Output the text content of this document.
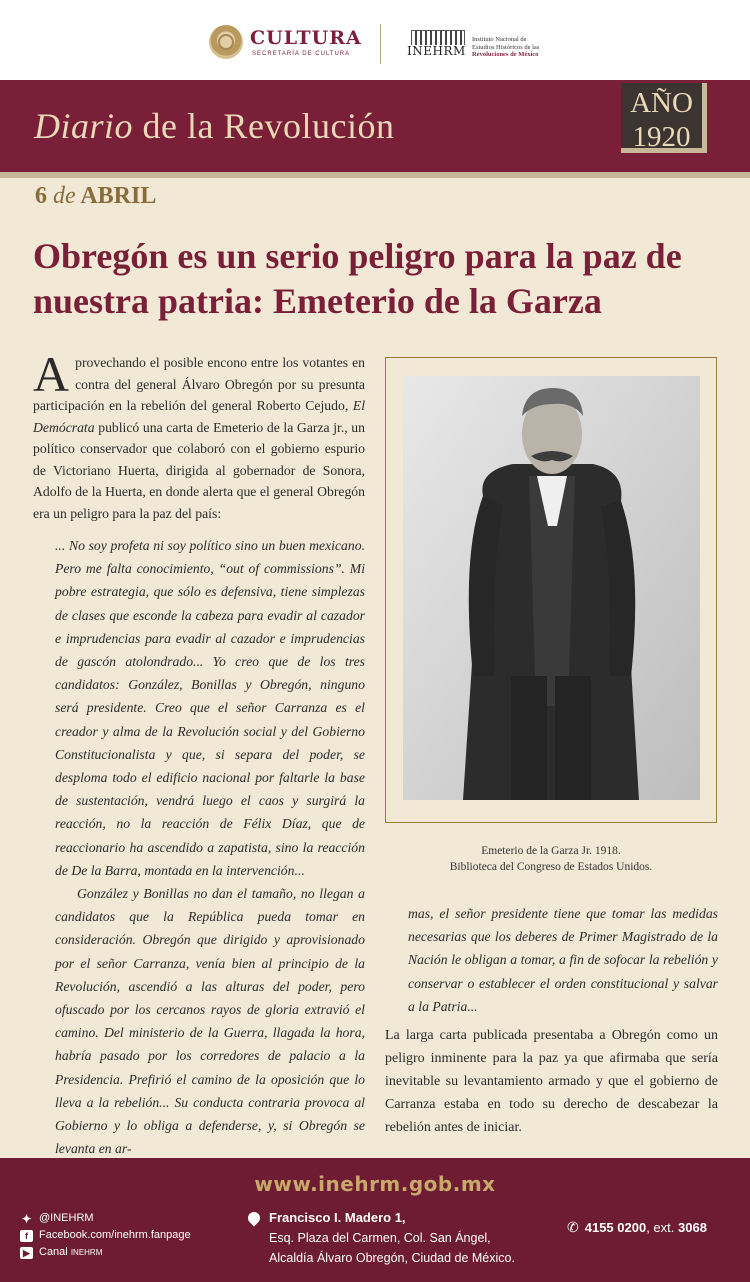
CULTURA
SECRETARÍA DE CULTURA	INEHRM
Instituto Nacional de
Estudios Históricos de las
Revoluciones de México
Diario de la Revolución
AÑO
1920
6 de ABRIL
Obregón es un serio peligro para la paz de nuestra patria: Emeterio de la Garza

Aprovechando el posible encono entre los votantes en contra del general Álvaro Obregón por su presunta participación en la rebelión del general Roberto Cejudo, El Demócrata publicó una carta de Emeterio de la Garza jr., un político conservador que colaboró con el gobierno espurio de Victoriano Huerta, dirigida al gobernador de Sonora, Adolfo de la Huerta, en donde alerta que el general Obregón era un peligro para la paz del país:

... No soy profeta ni soy político sino un buen mexicano. Pero me falta conocimiento, “out of commissions”. Mi pobre estrategia, que sólo es defensiva, tiene simplezas de clases que esconde la cabeza para evadir al cazador e imprudencias para evadir al cazador e imprudencias de gascón atolondrado... Yo creo que de los tres candidatos: González, Bonillas y Obregón, ninguno será presidente. Creo que el señor Carranza es el creador y alma de la Revolución social y del Gobierno Constitucionalista y que, si separa del poder, se desploma todo el edificio nacional por faltarle la base de sustentación, vendrá luego el caos y surgirá la reacción, no la reacción de Félix Díaz, que de reaccionario ha ascendido a zapatista, sino la reacción de De la Barra, montada en la intervención...

González y Bonillas no dan el tamaño, no llegan a candidatos que la República pueda tomar en consideración. Obregón que dirigido y aprovisionado por el señor Carranza, venía bien al principio de la Revolución, ascendió a las alturas del poder, pero ofuscado por los cercanos rayos de gloria extravió el camino. Del ministerio de la Guerra, llagada la hora, habría pasado por los corredores de palacio a la Presidencia. Prefirió el camino de la oposición que lo lleva a la rebelión... Su conducta contraria provoca al Gobierno y lo obliga a defenderse, y, si Obregón se levanta en ar-

Emeterio de la Garza Jr. 1918.
Biblioteca del Congreso de Estados Unidos.
mas, el señor presidente tiene que tomar las medidas necesarias que los deberes de Primer Magistrado de la Nación le obligan a tomar, a fin de sofocar la rebelión y conservar o establecer el orden constitucional y salvar a la Patria...
La larga carta publicada presentaba a Obregón como un peligro inminente para la paz ya que afirmaba que sería inevitable su levantamiento armado y que el gobierno de Carranza estaba en todo su derecho de descabezar la rebelión antes de iniciar.
www.inehrm.gob.mx
✦ @INEHRM
f	Facebook.com/inehrm.fanpage
▶ Canal
INEHRM
Francisco I. Madero 1,
Esq. Plaza del Carmen, Col. San Ángel,
Alcaldía Álvaro Obregón, Ciudad de México.
✆ 4155 0200, ext. 3068
